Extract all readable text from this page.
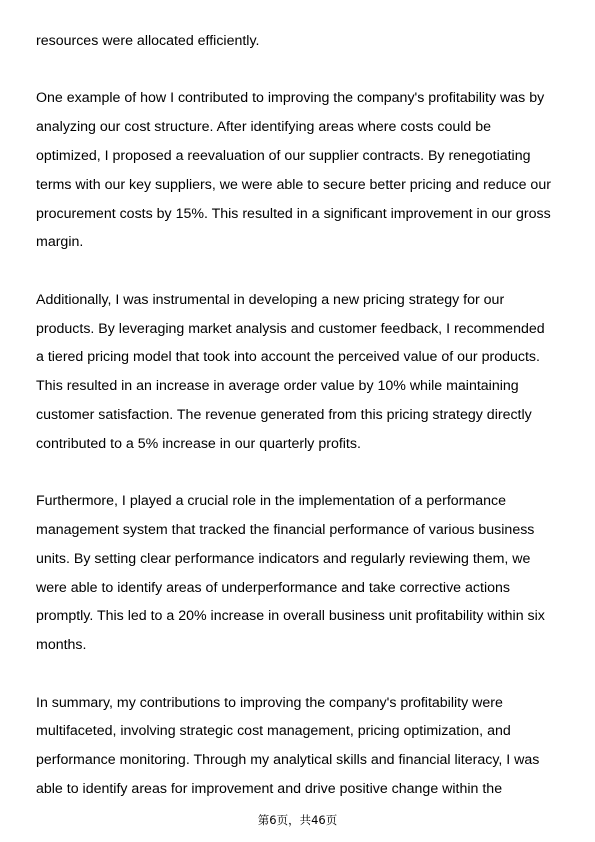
resources were allocated efficiently.

One example of how I contributed to improving the company's profitability was by
analyzing our cost structure. After identifying areas where costs could be
optimized, I proposed a reevaluation of our supplier contracts. By renegotiating
terms with our key suppliers, we were able to secure better pricing and reduce our
procurement costs by 15%. This resulted in a significant improvement in our gross
margin.

Additionally, I was instrumental in developing a new pricing strategy for our
products. By leveraging market analysis and customer feedback, I recommended
a tiered pricing model that took into account the perceived value of our products.
This resulted in an increase in average order value by 10% while maintaining
customer satisfaction. The revenue generated from this pricing strategy directly
contributed to a 5% increase in our quarterly profits.

Furthermore, I played a crucial role in the implementation of a performance
management system that tracked the financial performance of various business
units. By setting clear performance indicators and regularly reviewing them, we
were able to identify areas of underperformance and take corrective actions
promptly. This led to a 20% increase in overall business unit profitability within six
months.

In summary, my contributions to improving the company's profitability were
multifaceted, involving strategic cost management, pricing optimization, and
performance monitoring. Through my analytical skills and financial literacy, I was
able to identify areas for improvement and drive positive change within the

第6页，共46页
